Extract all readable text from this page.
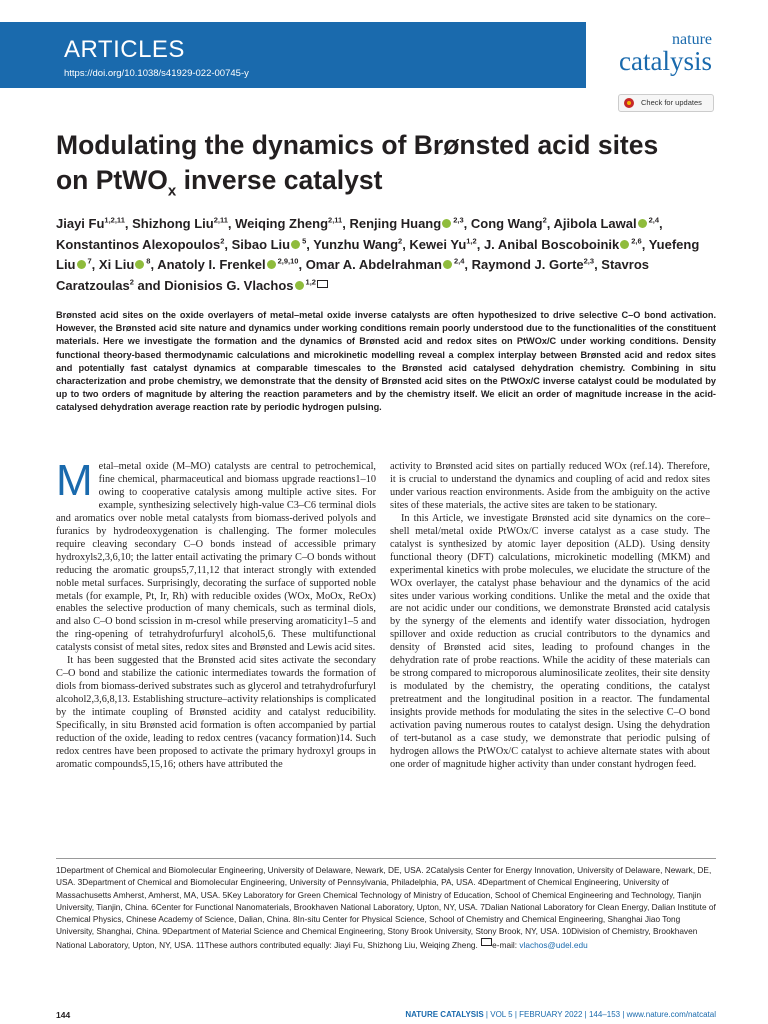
ARTICLES
https://doi.org/10.1038/s41929-022-00745-y
nature
catalysis
Check for updates
Modulating the dynamics of Brønsted acid sites
on PtWO$_x$ inverse catalyst

Jiayi Fu$^{1,2,11}$, Shizhong Liu$^{2,11}$, Weiqing Zheng$^{2,11}$, Renjing Huang $^{2,3}$, Cong Wang$^2$, Ajibola Lawal $^{2,4}$, Konstantinos Alexopoulos$^2$, Sibao Liu $^5$, Yunzhu Wang$^2$, Kewei Yu$^{1,2}$, J. Anibal Boscoboinik $^{2,6}$, Yuefeng Liu $^7$, Xi Liu $^8$, Anatoly I. Frenkel $^{2,9,10}$, Omar A. Abdelrahman $^{2,4}$, Raymond J. Gorte$^{2,3}$, Stavros Caratzoulas$^2$ and Dionisios G. Vlachos $^{1,2}$

Brønsted acid sites on the oxide overlayers of metal–metal oxide inverse catalysts are often hypothesized to drive selective C–O bond activation. However, the Brønsted acid site nature and dynamics under working conditions remain poorly understood due to the functionalities of the constituent materials. Here we investigate the formation and the dynamics of Brønsted acid and redox sites on PtWOx/C under working conditions. Density functional theory-based thermodynamic calculations and microkinetic modelling reveal a complex interplay between Brønsted acid and redox sites and potentially fast catalyst dynamics at comparable timescales to the Brønsted acid catalysed dehydration chemistry. Combining in situ characterization and probe chemistry, we demonstrate that the density of Brønsted acid sites on the PtWOx/C inverse catalyst could be modulated by up to two orders of magnitude by altering the reaction parameters and by the chemistry itself. We elicit an order of magnitude increase in the acid-catalysed dehydration average reaction rate by periodic hydrogen pulsing.

Metal–metal oxide (M–MO) catalysts are central to petrochemical, fine chemical, pharmaceutical and biomass upgrade reactions1–10 owing to cooperative catalysis among multiple active sites. For example, synthesizing selectively high-value C3–C6 terminal diols and aromatics over noble metal catalysts from biomass-derived polyols and furanics by hydrodeoxygenation is challenging. The former molecules require cleaving secondary C–O bonds instead of accessible primary hydroxyls2,3,6,10; the latter entail activating the primary C–O bonds without reducing the aromatic groups5,7,11,12 that interact strongly with extended noble metal surfaces. Surprisingly, decorating the surface of supported noble metals (for example, Pt, Ir, Rh) with reducible oxides (WOx, MoOx, ReOx) enables the selective production of many chemicals, such as terminal diols, and also C–O bond scission in m-cresol while preserving aromaticity1–5 and the ring-opening of tetrahydrofurfuryl alcohol5,6. These multifunctional catalysts consist of metal sites, redox sites and Brønsted and Lewis acid sites.

It has been suggested that the Brønsted acid sites activate the secondary C–O bond and stabilize the cationic intermediates towards the formation of diols from biomass-derived substrates such as glycerol and tetrahydrofurfuryl alcohol2,3,6,8,13. Establishing structure–activity relationships is complicated by the intimate coupling of Brønsted acidity and catalyst reducibility. Specifically, in situ Brønsted acid formation is often accompanied by partial reduction of the oxide, leading to redox centres (vacancy formation)14. Such redox centres have been proposed to activate the primary hydroxyl groups in aromatic compounds5,15,16; others have attributed the

activity to Brønsted acid sites on partially reduced WOx (ref.14). Therefore, it is crucial to understand the dynamics and coupling of acid and redox sites under various reaction environments. Aside from the ambiguity on the active sites of these materials, the active sites are taken to be stationary.

In this Article, we investigate Brønsted acid site dynamics on the core–shell metal/metal oxide PtWOx/C inverse catalyst as a case study. The catalyst is synthesized by atomic layer deposition (ALD). Using density functional theory (DFT) calculations, microkinetic modelling (MKM) and experimental kinetics with probe molecules, we elucidate the structure of the WOx overlayer, the catalyst phase behaviour and the dynamics of the acid sites under various working conditions. Unlike the metal and the oxide that are not acidic under our conditions, we demonstrate Brønsted acid catalysis by the synergy of the elements and identify water dissociation, hydrogen spillover and oxide reduction as crucial contributors to the dynamics and density of Brønsted acid sites, leading to profound changes in the dehydration rate of probe reactions. While the acidity of these materials can be strong compared to microporous aluminosilicate zeolites, their site density is modulated by the chemistry, the operating conditions, the catalyst pretreatment and the longitudinal position in a reactor. The fundamental insights provide methods for modulating the sites in the selective C–O bond activation paving numerous routes to catalyst design. Using the dehydration of tert-butanol as a case study, we demonstrate that periodic pulsing of hydrogen allows the PtWOx/C catalyst to achieve alternate states with about one order of magnitude higher activity than under constant hydrogen feed.

1Department of Chemical and Biomolecular Engineering, University of Delaware, Newark, DE, USA. 2Catalysis Center for Energy Innovation, University of Delaware, Newark, DE, USA. 3Department of Chemical and Biomolecular Engineering, University of Pennsylvania, Philadelphia, PA, USA. 4Department of Chemical Engineering, University of Massachusetts Amherst, Amherst, MA, USA. 5Key Laboratory for Green Chemical Technology of Ministry of Education, School of Chemical Engineering and Technology, Tianjin University, Tianjin, China. 6Center for Functional Nanomaterials, Brookhaven National Laboratory, Upton, NY, USA. 7Dalian National Laboratory for Clean Energy, Dalian Institute of Chemical Physics, Chinese Academy of Science, Dalian, China. 8In-situ Center for Physical Science, School of Chemistry and Chemical Engineering, Shanghai Jiao Tong University, Shanghai, China. 9Department of Material Science and Chemical Engineering, Stony Brook University, Stony Brook, NY, USA. 10Division of Chemistry, Brookhaven National Laboratory, Upton, NY, USA. 11These authors contributed equally: Jiayi Fu, Shizhong Liu, Weiqing Zheng. e-mail: vlachos@udel.edu

144	NATURE CATALYSIS | VOL 5 | FEBRUARY 2022 | 144–153 | www.nature.com/natcatal
